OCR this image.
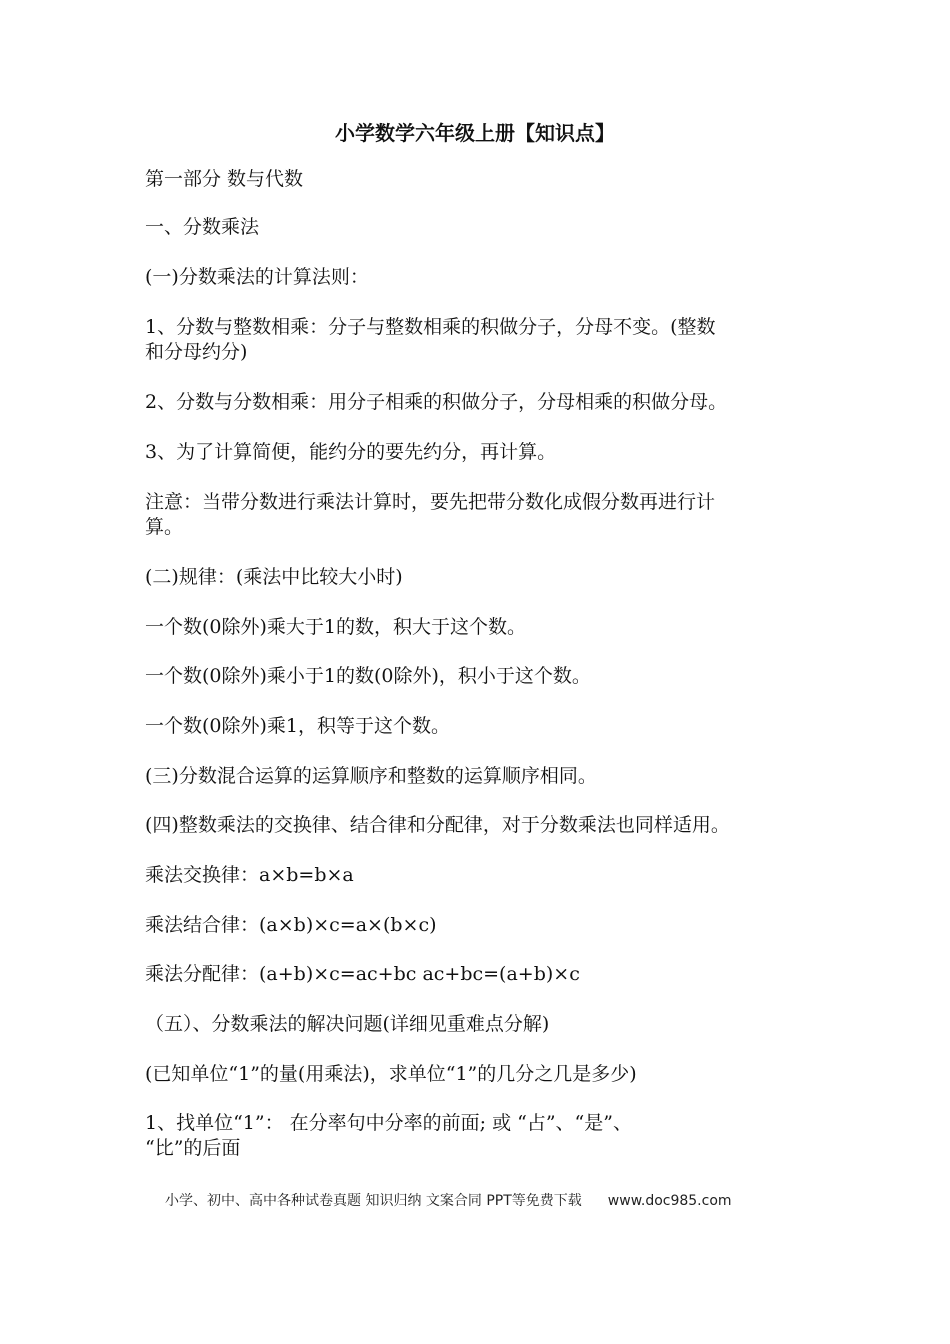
小学数学六年级上册【知识点】
第一部分 数与代数
一、分数乘法
(一)分数乘法的计算法则：
1、分数与整数相乘：分子与整数相乘的积做分子，分母不变。(整数
和分母约分)
2、分数与分数相乘：用分子相乘的积做分子，分母相乘的积做分母。
3、为了计算简便，能约分的要先约分，再计算。
注意：当带分数进行乘法计算时，要先把带分数化成假分数再进行计
算。
(二)规律：(乘法中比较大小时)
一个数(0除外)乘大于1的数，积大于这个数。
一个数(0除外)乘小于1的数(0除外)，积小于这个数。
一个数(0除外)乘1，积等于这个数。
(三)分数混合运算的运算顺序和整数的运算顺序相同。
(四)整数乘法的交换律、结合律和分配律，对于分数乘法也同样适用。
乘法交换律：a×b=b×a
乘法结合律：(a×b)×c=a×(b×c)
乘法分配律：(a+b)×c=ac+bc ac+bc=(a+b)×c
（五）、分数乘法的解决问题(详细见重难点分解)
(已知单位“1”的量(用乘法)，求单位“1”的几分之几是多少)
1、找单位“1”： 在分率句中分率的前面; 或 “占”、“是”、
“比”的后面
小学、初中、高中各种试卷真题 知识归纳 文案合同 PPT等免费下载 www.doc985.com
